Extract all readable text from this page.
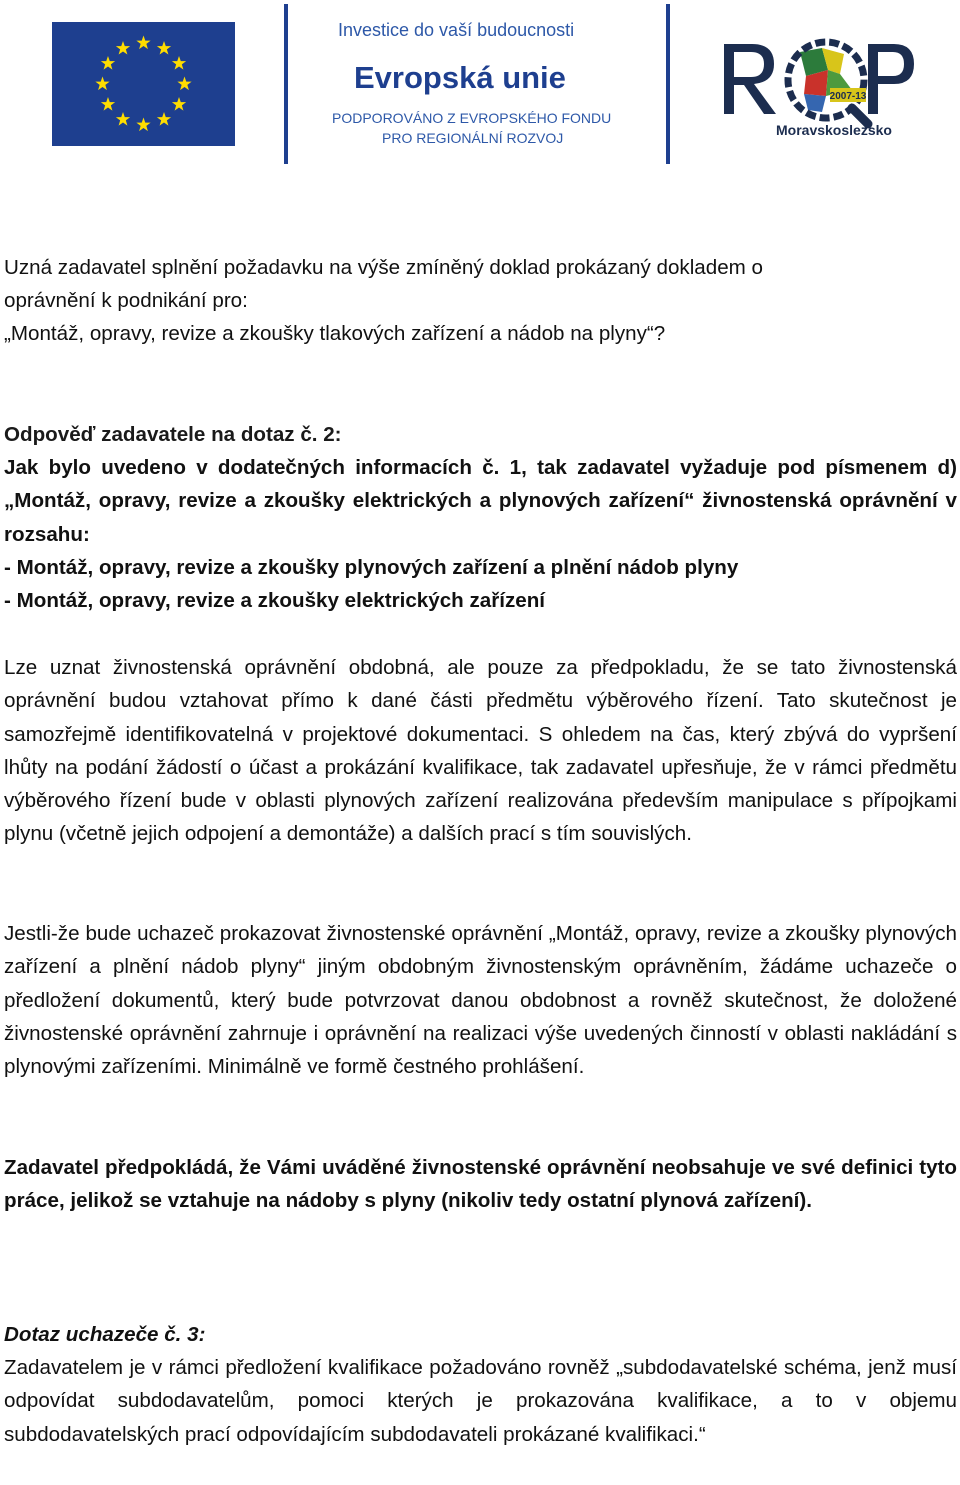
Investice do vaší budoucnosti
Evropská unie
PODPOROVÁNO Z EVROPSKÉHO FONDU
PRO REGIONÁLNÍ ROZVOJ
2007-13
Moravskoslezsko
Uzná zadavatel splnění požadavku na výše zmíněný doklad prokázaný dokladem o
oprávnění k podnikání pro:
„Montáž, opravy, revize a zkoušky tlakových zařízení a nádob na plyny“?
Odpověď zadavatele na dotaz č. 2:
Jak bylo uvedeno v dodatečných informacích č. 1, tak zadavatel vyžaduje pod písmenem d) „Montáž, opravy, revize a zkoušky elektrických a plynových zařízení“ živnostenská oprávnění v rozsahu:
- Montáž, opravy, revize a zkoušky plynových zařízení a plnění nádob plyny
- Montáž, opravy, revize a zkoušky elektrických zařízení
Lze uznat živnostenská oprávnění obdobná, ale pouze za předpokladu, že se tato živnostenská oprávnění budou vztahovat přímo k dané části předmětu výběrového řízení. Tato skutečnost je samozřejmě identifikovatelná v projektové dokumentaci. S ohledem na čas, který zbývá do vypršení lhůty na podání žádostí o účast a prokázání kvalifikace, tak zadavatel upřesňuje, že v rámci předmětu výběrového řízení bude v oblasti plynových zařízení realizována především manipulace s přípojkami plynu (včetně jejich odpojení a demontáže) a dalších prací s tím souvislých.
Jestli-že bude uchazeč prokazovat živnostenské oprávnění „Montáž, opravy, revize a zkoušky plynových zařízení a plnění nádob plyny“ jiným obdobným živnostenským oprávněním, žádáme uchazeče o předložení dokumentů, který bude potvrzovat danou obdobnost a rovněž skutečnost, že doložené živnostenské oprávnění zahrnuje i oprávnění na realizaci výše uvedených činností v oblasti nakládání s plynovými zařízeními. Minimálně ve formě čestného prohlášení.
Zadavatel předpokládá, že Vámi uváděné živnostenské oprávnění neobsahuje ve své definici tyto práce, jelikož se vztahuje na nádoby s plyny (nikoliv tedy ostatní plynová zařízení).
Dotaz uchazeče č. 3:
Zadavatelem je v rámci předložení kvalifikace požadováno rovněž „subdodavatelské schéma, jenž musí odpovídat subdodavatelům, pomoci kterých je prokazována kvalifikace, a to v objemu subdodavatelských prací odpovídajícím subdodavateli prokázané kvalifikaci.“
